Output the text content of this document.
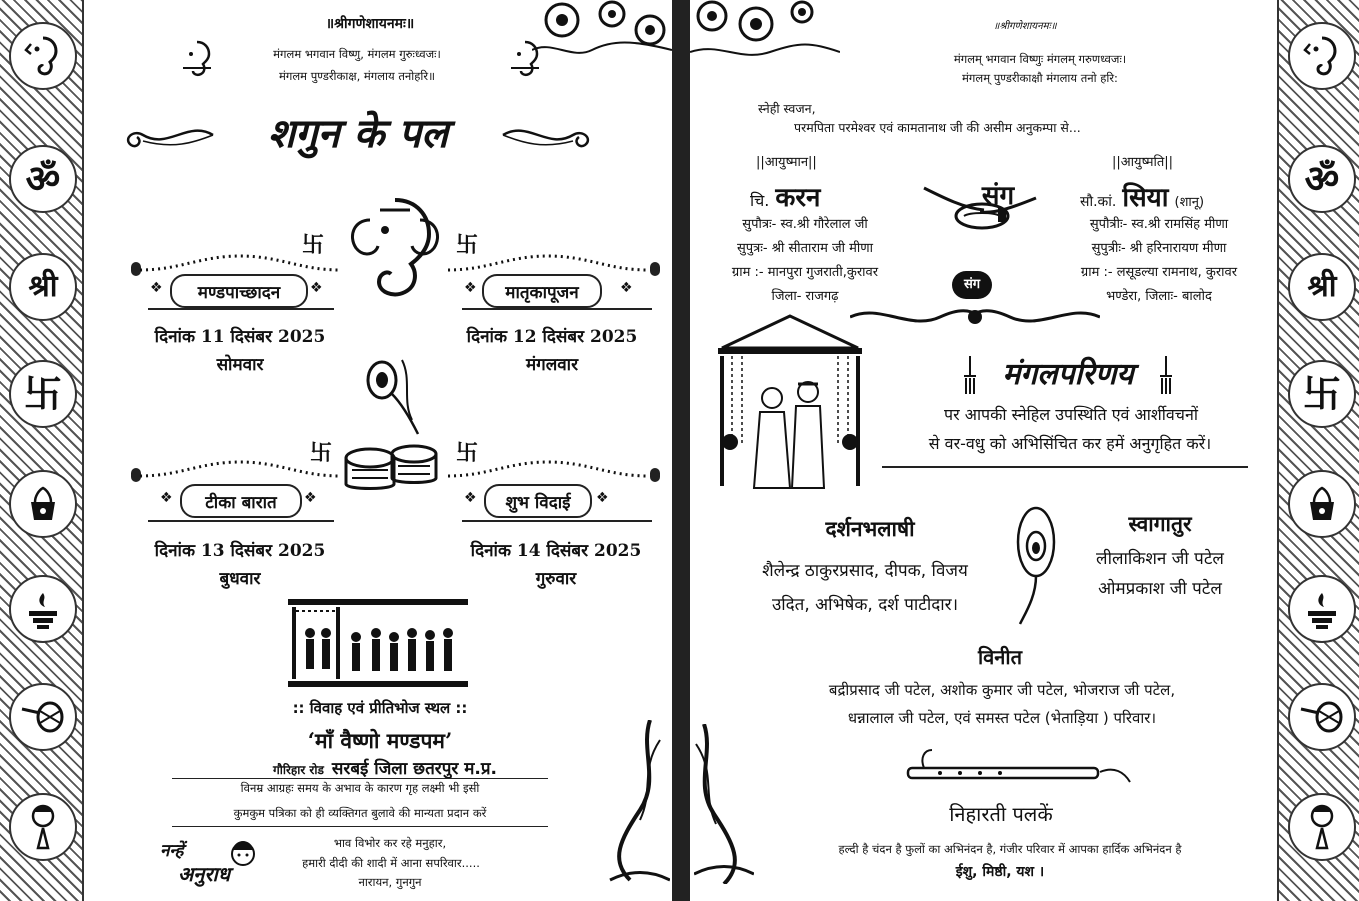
ॐ
श्री
卐
॥श्रीगणेशायनमः॥
मंगलम भगवान विष्णु, मंगलम गुरुःध्वजः।
मंगलम पुण्डरीकाक्ष, मंगलाय तनोहरि॥
शगुन के पल
卐	卐
मण्डपाच्छादन
❖	❖
दिनांक 11 दिसंबर 2025
सोमवार
मातृकापूजन
❖	❖
दिनांक 12 दिसंबर 2025
मंगलवार
卐	卐
टीका बारात
❖	❖
दिनांक 13 दिसंबर 2025
बुधवार
शुभ विदाई
❖	❖
दिनांक 14 दिसंबर 2025
गुरुवार
:: विवाह एवं प्रीतिभोज स्थल ::
‘माँ वैष्णो मण्डपम’
गौरिहार रोड सरबई जिला छतरपुर म.प्र.
विनम्र आग्रहः समय के अभाव के कारण गृह लक्ष्मी भी इसी
कुमकुम पत्रिका को ही व्यक्तिगत बुलावे की मान्यता प्रदान करें
नन्हें
अनुराध
भाव विभोर कर रहे मनुहार,
हमारी दीदी की शादी में आना सपरिवार.....
नारायन, गुनगुन
ॐ
श्री
卐
॥श्रीगणेशायनमः॥
मंगलम् भगवान विष्णुः मंगलम् गरुणध्वजः।
मंगलम् पुण्डरीकाक्षौ मंगलाय तनो हरि:
स्नेही स्वजन,
परमपिता परमेश्वर एवं कामतानाथ जी की असीम अनुकम्पा से...
||आयुष्मान||
चि. करन
सुपौत्रः- स्व.श्री गौरेलाल जी
सुपुत्रः- श्री सीताराम जी मीणा
ग्राम :- मानपुरा गुजराती,कुरावर
जिला- राजगढ़
संग
संग
||आयुष्मति||
सौ.कां. सिया (शानू)
सुपौत्रीः- स्व.श्री रामसिंह मीणा
सुपुत्रीः- श्री हरिनारायण मीणा
ग्राम :- लसूडल्या रामनाथ, कुरावर
भण्डेरा, जिलाः- बालोद
मंगलपरिणय
पर आपकी स्नेहिल उपस्थिति एवं आर्शीवचनों
से वर-वधु को अभिसिंचित कर हमें अनुगृहित करें।
दर्शनभलाषी
शैलेन्द्र ठाकुरप्रसाद, दीपक, विजय
उदित, अभिषेक, दर्श पाटीदार।
स्वागातुर
लीलाकिशन जी पटेल
ओमप्रकाश जी पटेल
विनीत
बद्रीप्रसाद जी पटेल, अशोक कुमार जी पटेल, भोजराज जी पटेल,
धन्नालाल जी पटेल, एवं समस्त पटेल (भेताड़िया ) परिवार।
निहारती पलकें
हल्दी है चंदन है फुलों का अभिनंदन है, गंजीर परिवार में आपका हार्दिक अभिनंदन है
ईशु, मिष्ठी, यश ।
